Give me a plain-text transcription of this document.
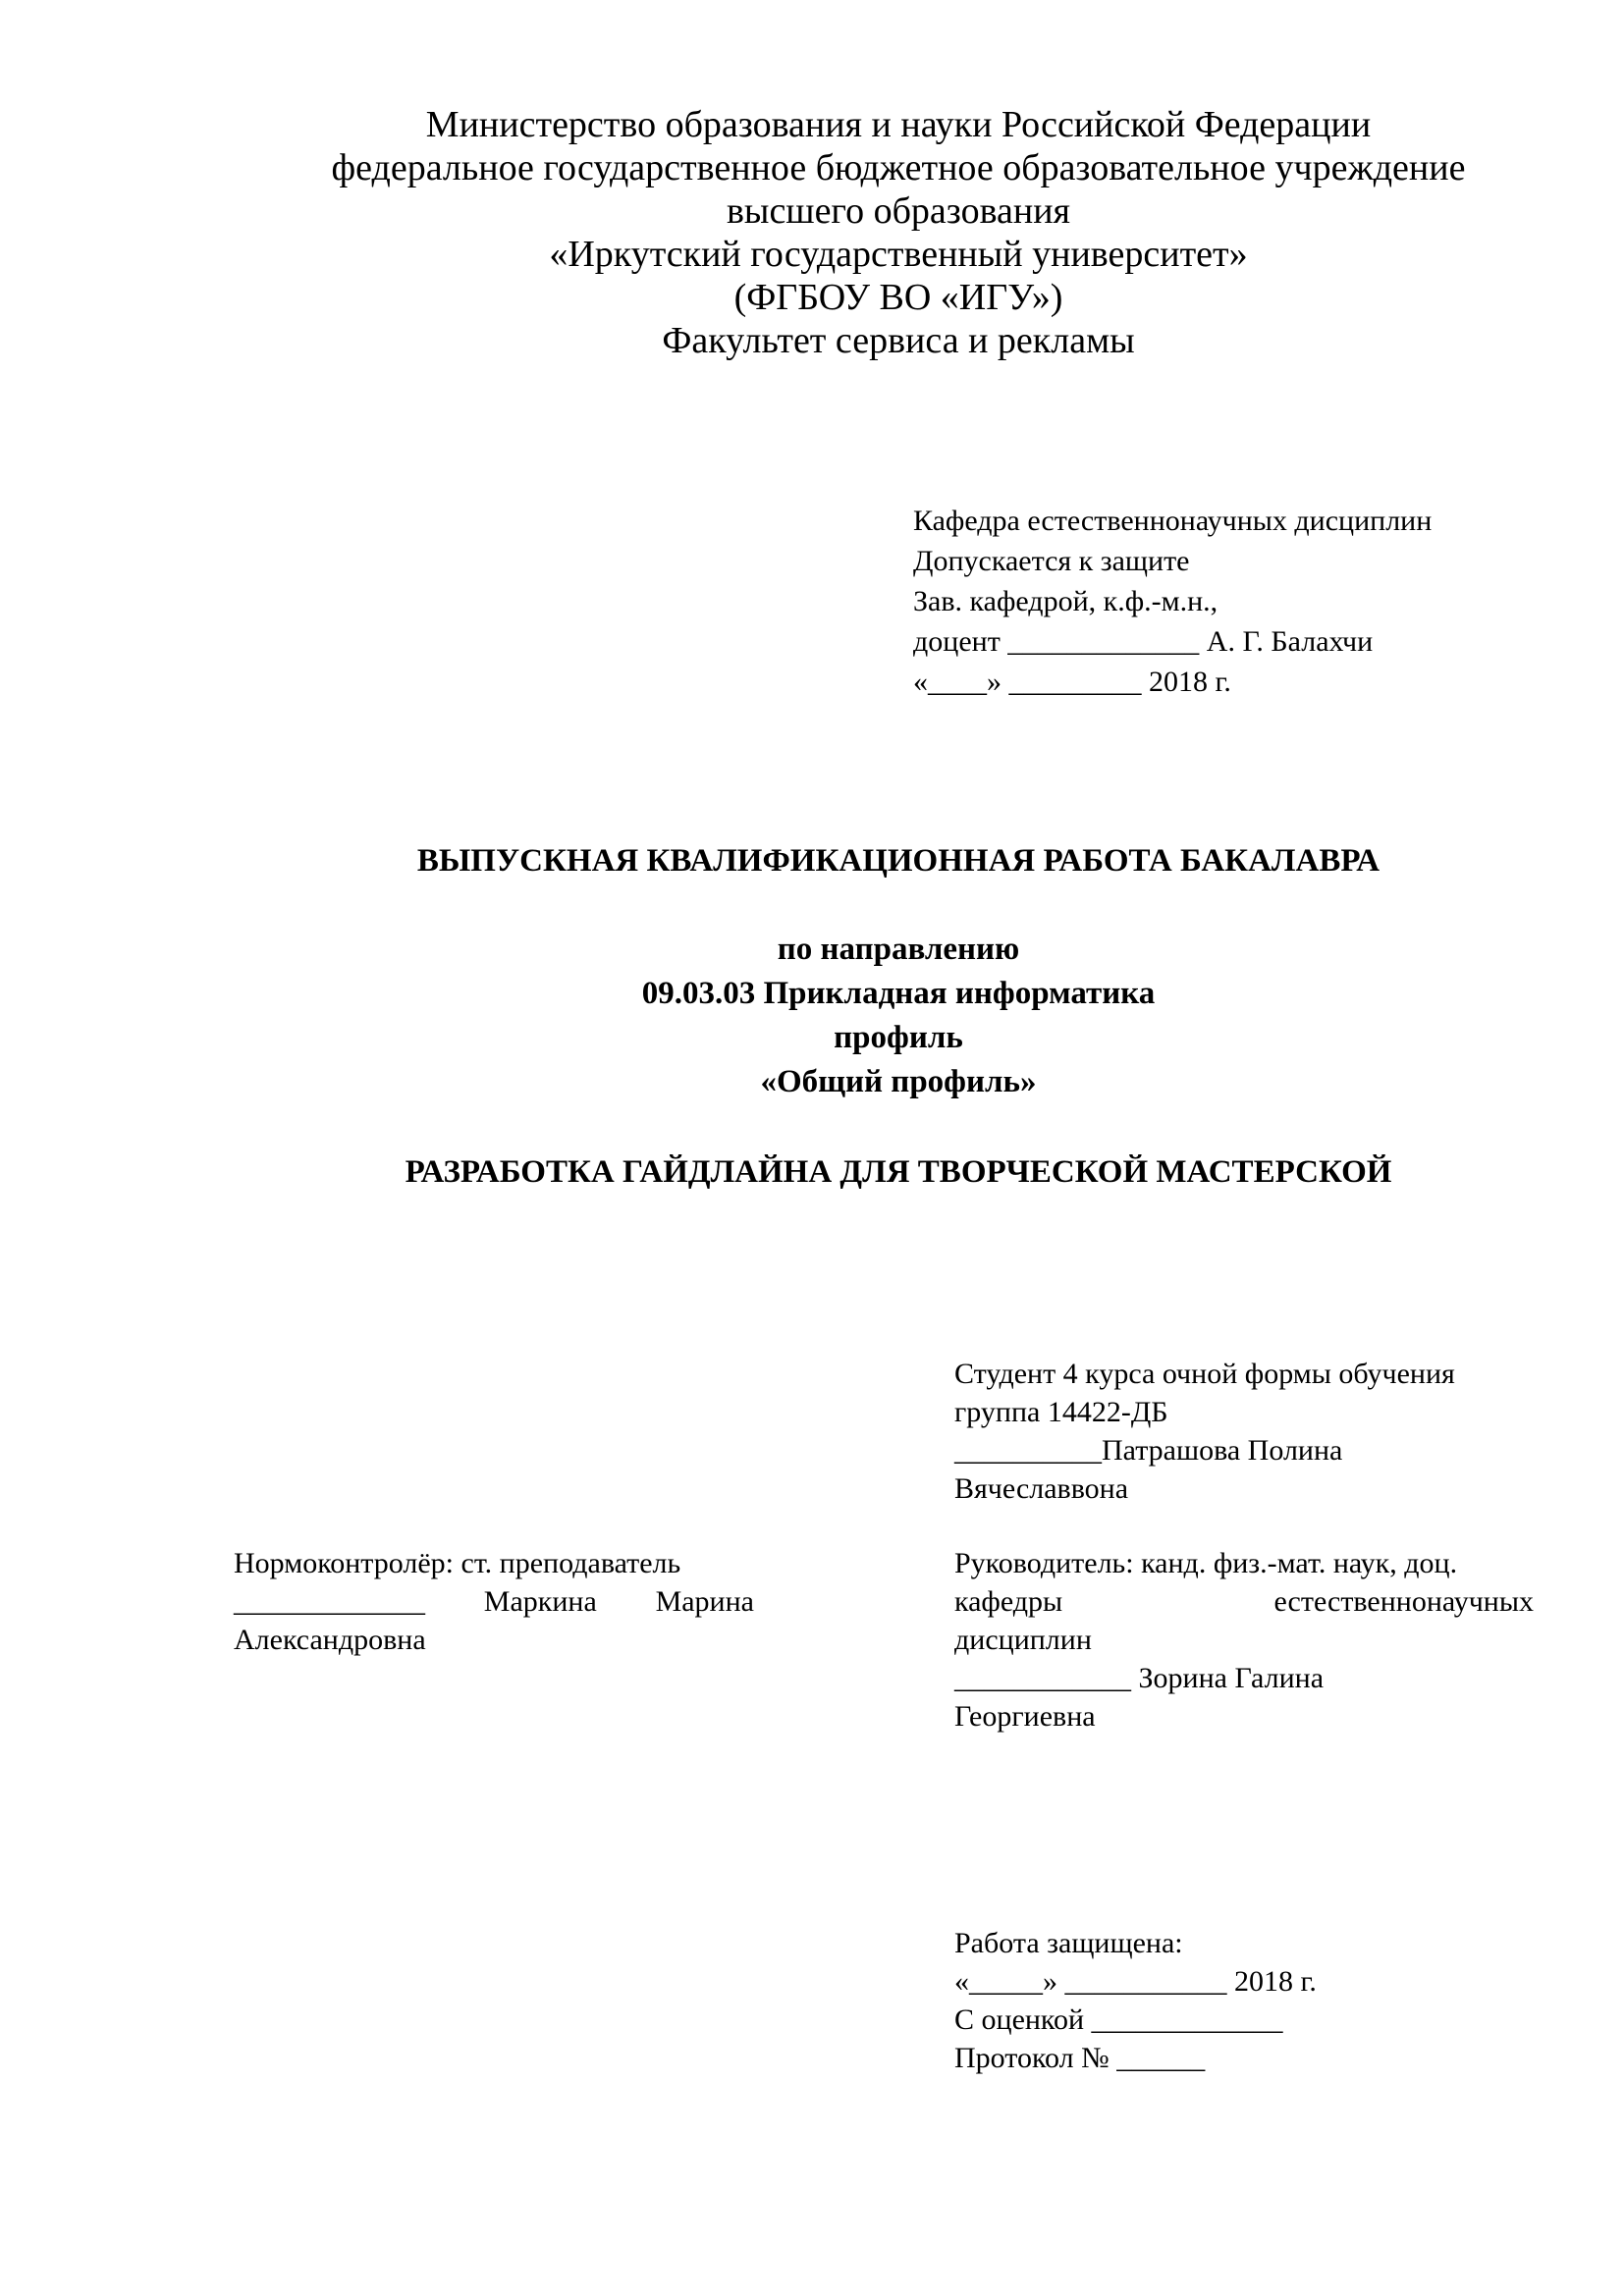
Министерство образования и науки Российской Федерации
федеральное государственное бюджетное образовательное учреждение
высшего образования
«Иркутский государственный университет»
(ФГБОУ ВО «ИГУ»)
Факультет сервиса и рекламы
Кафедра естественнонаучных дисциплин
Допускается к защите
Зав. кафедрой, к.ф.-м.н.,
доцент _____________ А. Г. Балахчи
«____» _________ 2018 г.
ВЫПУСКНАЯ КВАЛИФИКАЦИОННАЯ РАБОТА БАКАЛАВРА
по направлению
09.03.03 Прикладная информатика
профиль
«Общий профиль»
РАЗРАБОТКА ГАЙДЛАЙНА ДЛЯ ТВОРЧЕСКОЙ МАСТЕРСКОЙ
Студент 4 курса очной формы обучения
группа 14422-ДБ
__________Патрашова Полина
Вячеславвона
Нормоконтролёр: ст. преподаватель
_____________ Маркина Марина
Александровна
Руководитель: канд. физ.-мат. наук, доц.
кафедры	естественнонаучных
дисциплин
____________ Зорина Галина
Георгиевна
Работа защищена:
«_____» ___________ 2018 г.
С оценкой _____________
Протокол № ______
